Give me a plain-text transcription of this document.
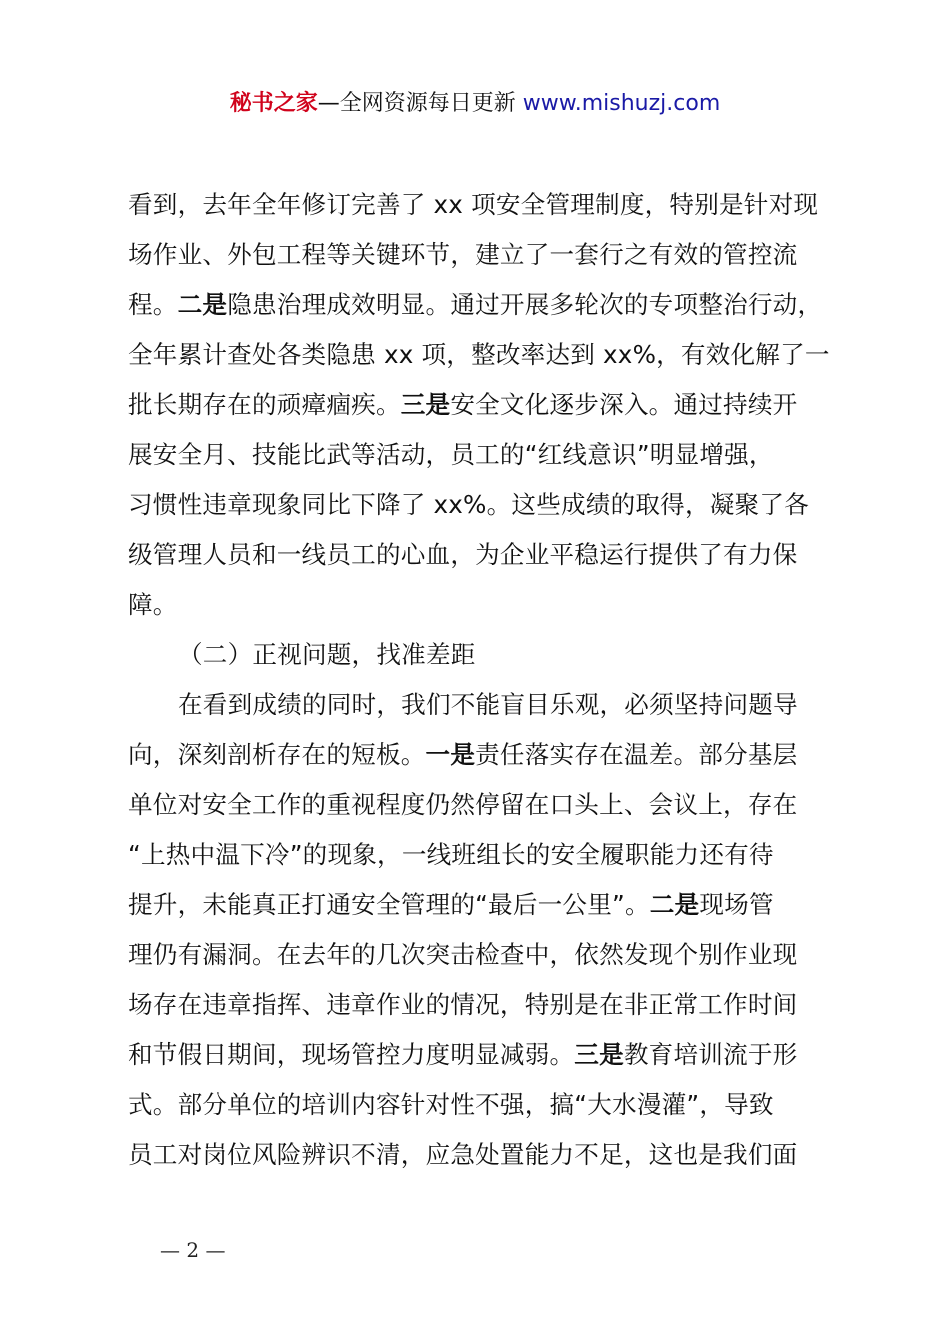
秘书之家—全网资源每日更新 www.mishuzj.com
看到，去年全年修订完善了 xx 项安全管理制度，特别是针对现
场作业、外包工程等关键环节，建立了一套行之有效的管控流
程。二是隐患治理成效明显。通过开展多轮次的专项整治行动，
全年累计查处各类隐患 xx 项，整改率达到 xx%，有效化解了一
批长期存在的顽瘴痼疾。三是安全文化逐步深入。通过持续开
展安全月、技能比武等活动，员工的“红线意识”明显增强，
习惯性违章现象同比下降了 xx%。这些成绩的取得，凝聚了各
级管理人员和一线员工的心血，为企业平稳运行提供了有力保
障。
（二）正视问题，找准差距
在看到成绩的同时，我们不能盲目乐观，必须坚持问题导
向，深刻剖析存在的短板。一是责任落实存在温差。部分基层
单位对安全工作的重视程度仍然停留在口头上、会议上，存在
“上热中温下冷”的现象，一线班组长的安全履职能力还有待
提升，未能真正打通安全管理的“最后一公里”。二是现场管
理仍有漏洞。在去年的几次突击检查中，依然发现个别作业现
场存在违章指挥、违章作业的情况，特别是在非正常工作时间
和节假日期间，现场管控力度明显减弱。三是教育培训流于形
式。部分单位的培训内容针对性不强，搞“大水漫灌”，导致
员工对岗位风险辨识不清，应急处置能力不足，这也是我们面
— 2 —
